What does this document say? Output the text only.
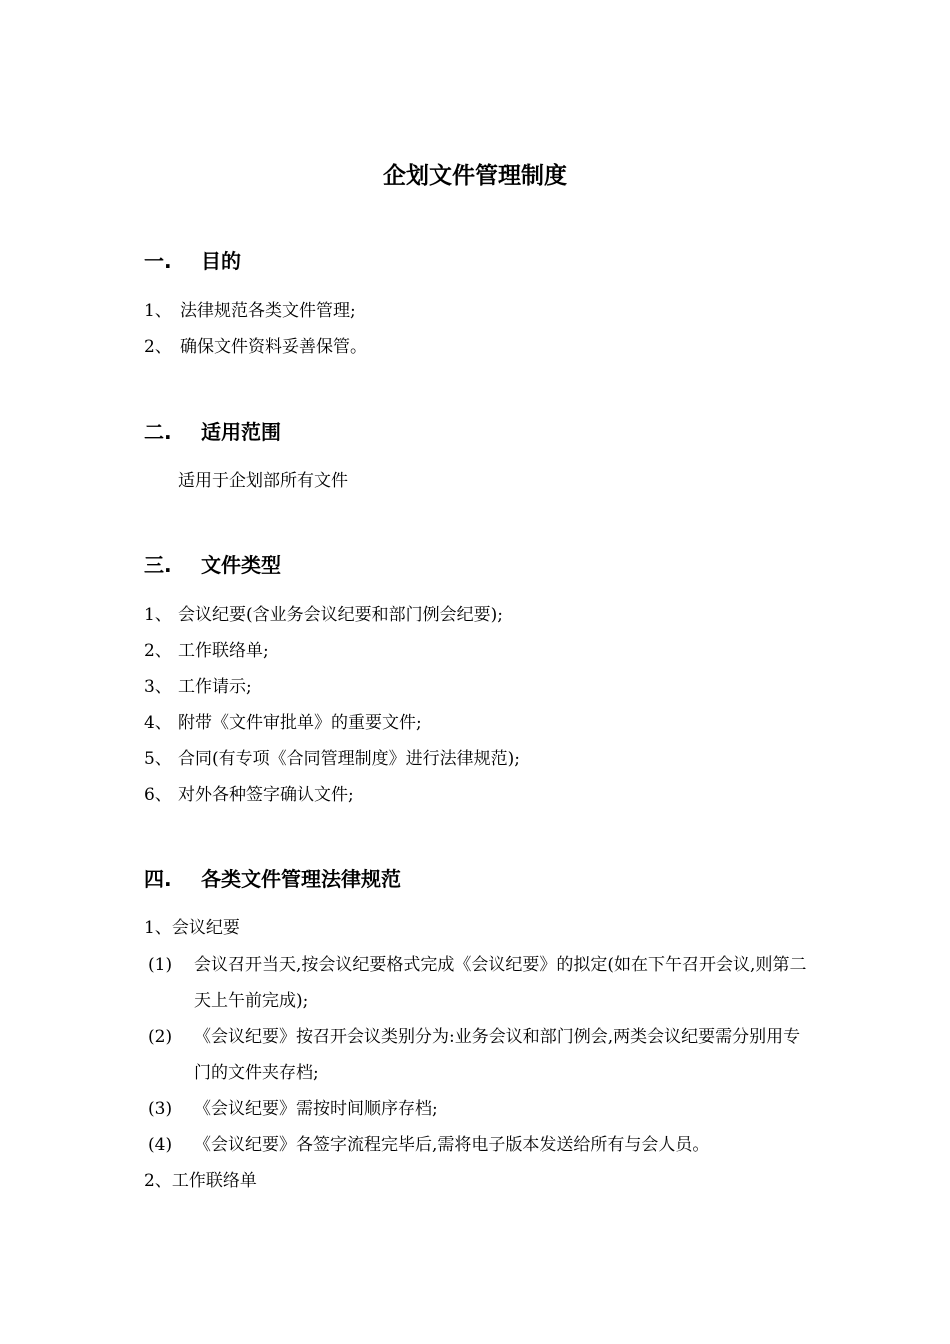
企划文件管理制度
一. 目的
1、 法律规范各类文件管理;
2、 确保文件资料妥善保管。
二. 适用范围
适用于企划部所有文件
三. 文件类型
1、 会议纪要(含业务会议纪要和部门例会纪要);
2、 工作联络单;
3、 工作请示;
4、 附带《文件审批单》的重要文件;
5、 合同(有专项《合同管理制度》进行法律规范);
6、 对外各种签字确认文件;
四. 各类文件管理法律规范
1、会议纪要
(1)	会议召开当天,按会议纪要格式完成《会议纪要》的拟定(如在下午召开会议,则第二天上午前完成);
(2)	《会议纪要》按召开会议类别分为:业务会议和部门例会,两类会议纪要需分别用专门的文件夹存档;
(3)	《会议纪要》需按时间顺序存档;
(4)	《会议纪要》各签字流程完毕后,需将电子版本发送给所有与会人员。
2、工作联络单
